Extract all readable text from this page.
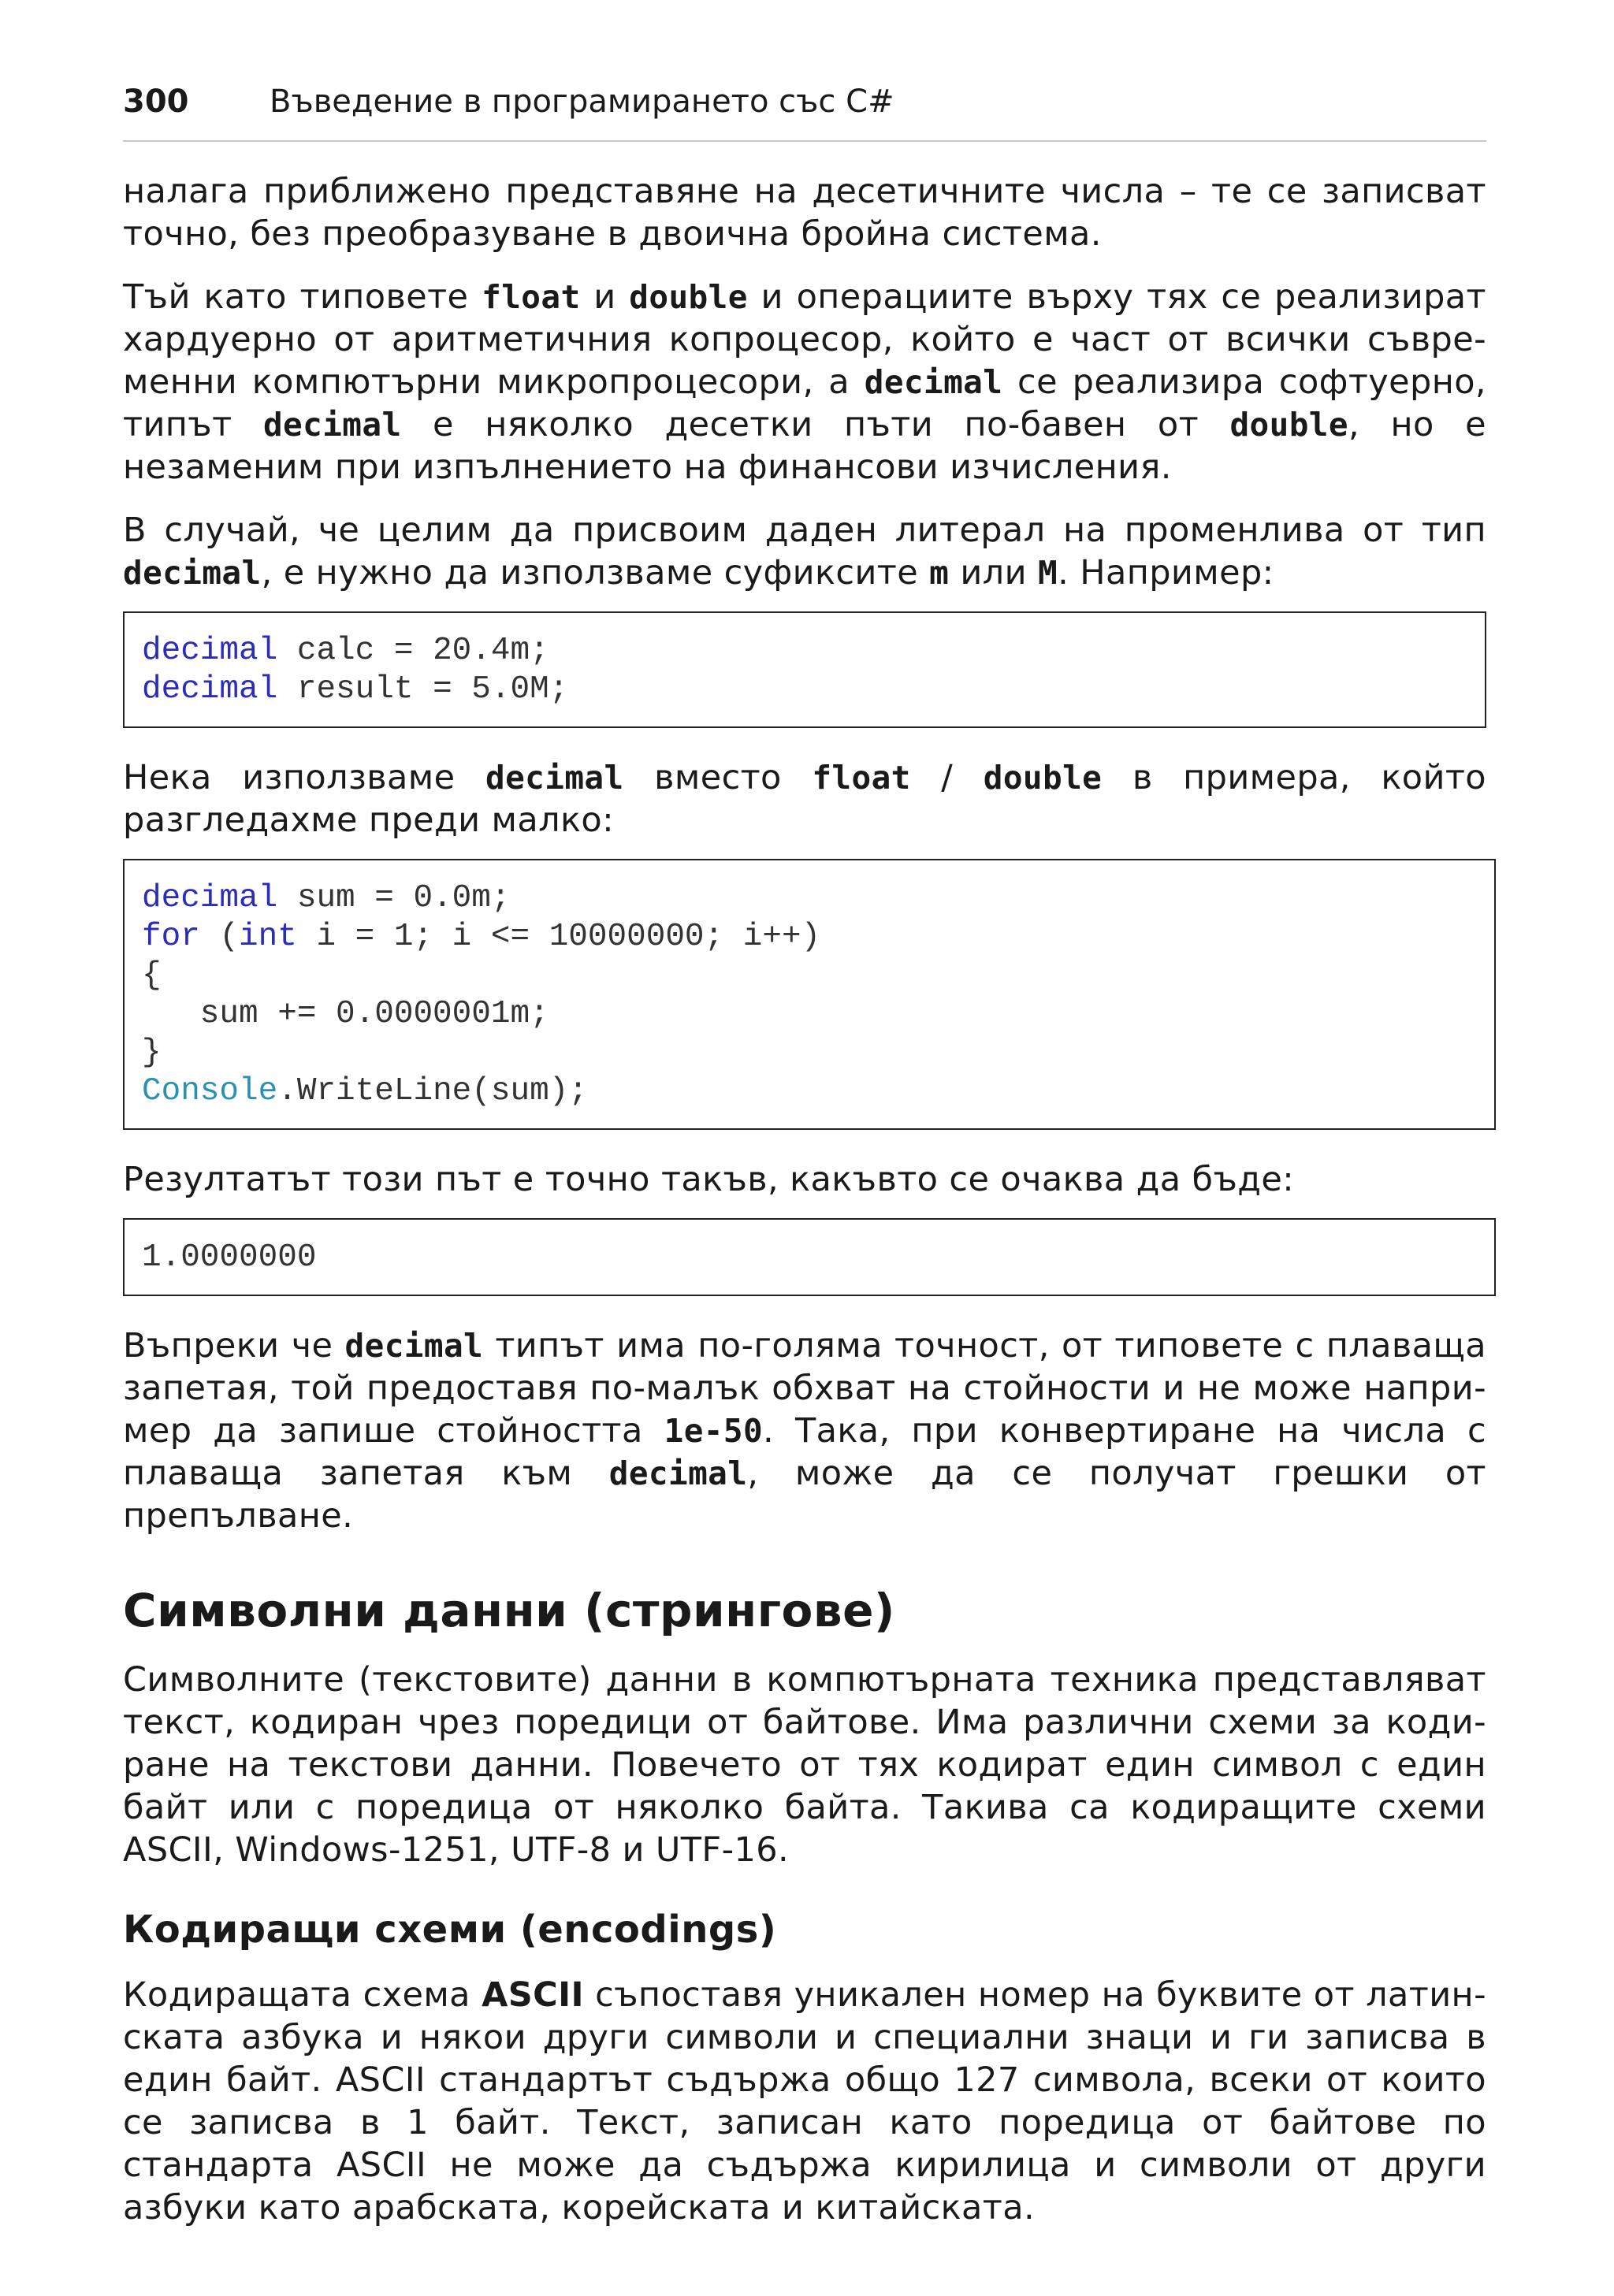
300	Въведение в програмирането със C#

налага приближено представяне на десетичните числа – те се записват точно, без преобразуване в двоична бройна система.

Тъй като типовете float и double и операциите върху тях се реализират хардуерно от аритметичния копроцесор, който е част от всички съвре-менни компютърни микропроцесори, а decimal се реализира софтуерно, типът decimal е няколко десетки пъти по-бавен от double, но е незаменим при изпълнението на финансови изчисления.

В случай, че целим да присвоим даден литерал на променлива от тип decimal, е нужно да използваме суфиксите m или M. Например:

decimal calc = 20.4m;
decimal result = 5.0M;

Нека използваме decimal вместо float / double в примера, който разгледахме преди малко:

decimal sum = 0.0m;
for (int i = 1; i <= 10000000; i++)
{
sum += 0.0000001m;
}
Console.WriteLine(sum);

Резултатът този път е точно такъв, какъвто се очаква да бъде:

1.0000000

Въпреки че decimal типът има по-голяма точност, от типовете с плаваща запетая, той предоставя по-малък обхват на стойности и не може напри-мер да запише стойността 1e-50. Така, при конвертиране на числа с плаваща запетая към decimal, може да се получат грешки от препълване.

Символни данни (стрингове)

Символните (текстовите) данни в компютърната техника представляват текст, кодиран чрез поредици от байтове. Има различни схеми за коди-ране на текстови данни. Повечето от тях кодират един символ с един байт или с поредица от няколко байта. Такива са кодиращите схеми ASCII, Windows-1251, UTF-8 и UTF-16.

Кодиращи схеми (encodings)

Кодиращата схема ASCII съпоставя уникален номер на буквите от латин-ската азбука и някои други символи и специални знаци и ги записва в един байт. ASCII стандартът съдържа общо 127 символа, всеки от които се записва в 1 байт. Текст, записан като поредица от байтове по стандарта ASCII не може да съдържа кирилица и символи от други азбуки като арабската, корейската и китайската.
